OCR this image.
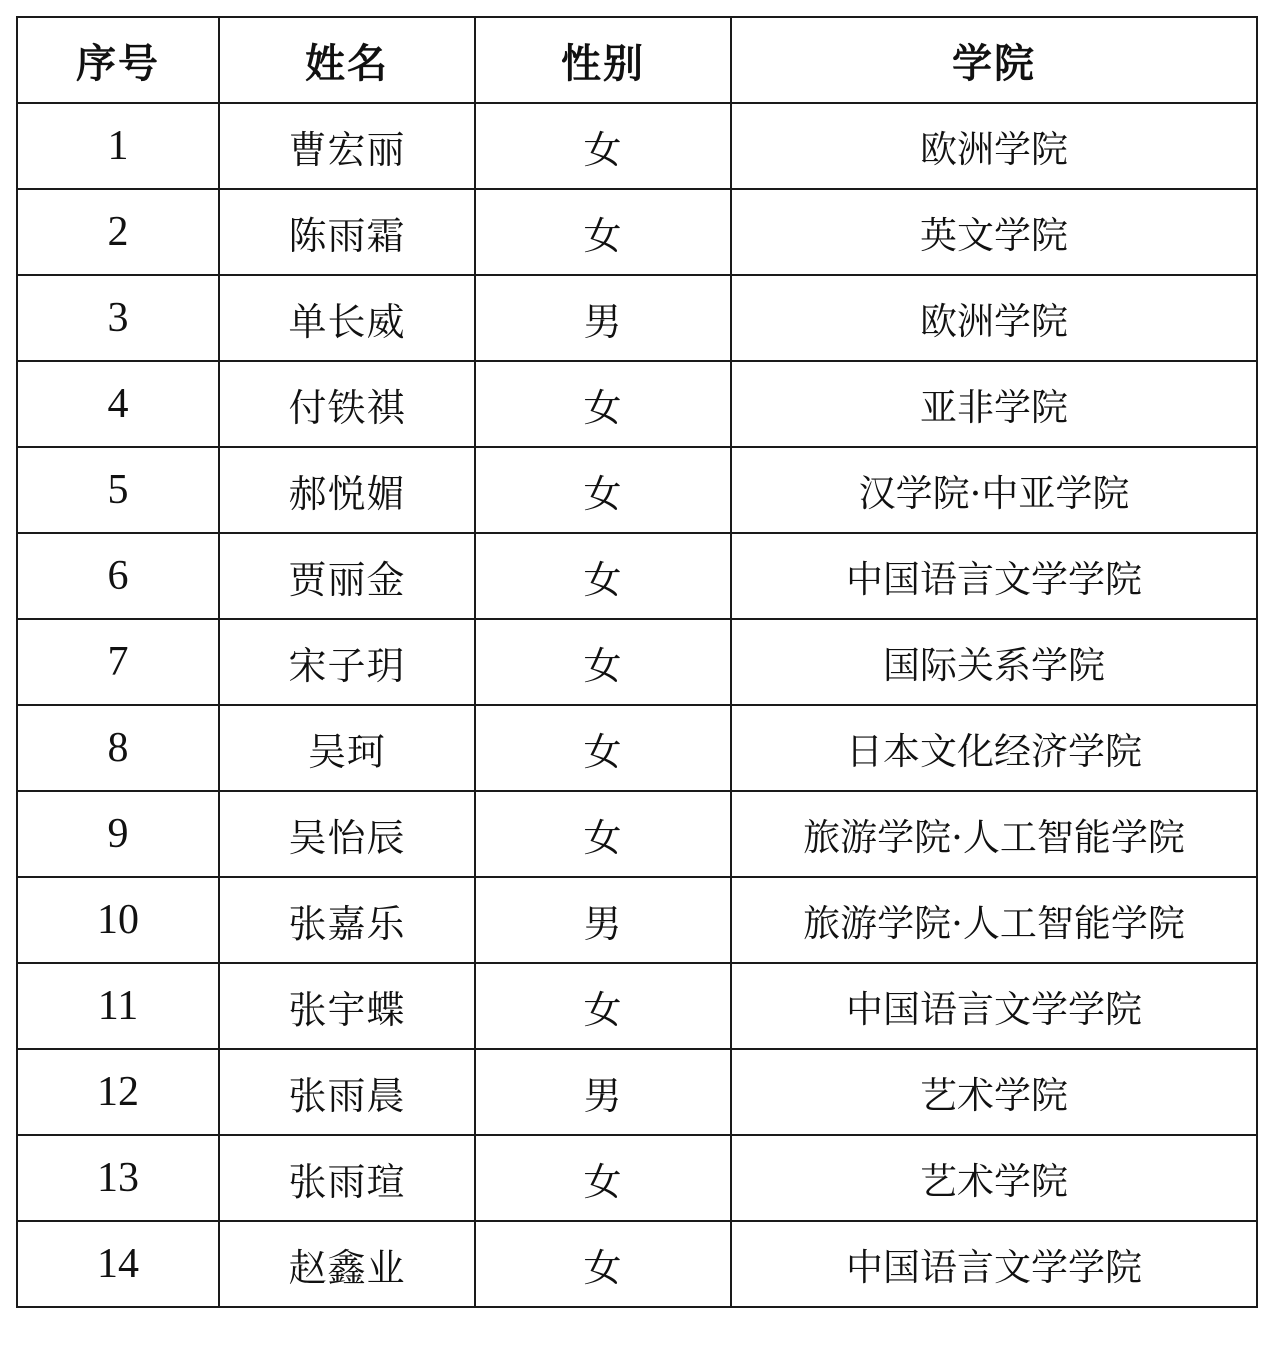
序号	姓名	性别	学院
1	曹宏丽	女	欧洲学院
2	陈雨霜	女	英文学院
3	单长威	男	欧洲学院
4	付铁祺	女	亚非学院
5	郝悦媚	女	汉学院·中亚学院
6	贾丽金	女	中国语言文学学院
7	宋子玥	女	国际关系学院
8	吴珂	女	日本文化经济学院
9	吴怡辰	女	旅游学院·人工智能学院
10	张嘉乐	男	旅游学院·人工智能学院
11	张宇蝶	女	中国语言文学学院
12	张雨晨	男	艺术学院
13	张雨瑄	女	艺术学院
14	赵鑫业	女	中国语言文学学院
